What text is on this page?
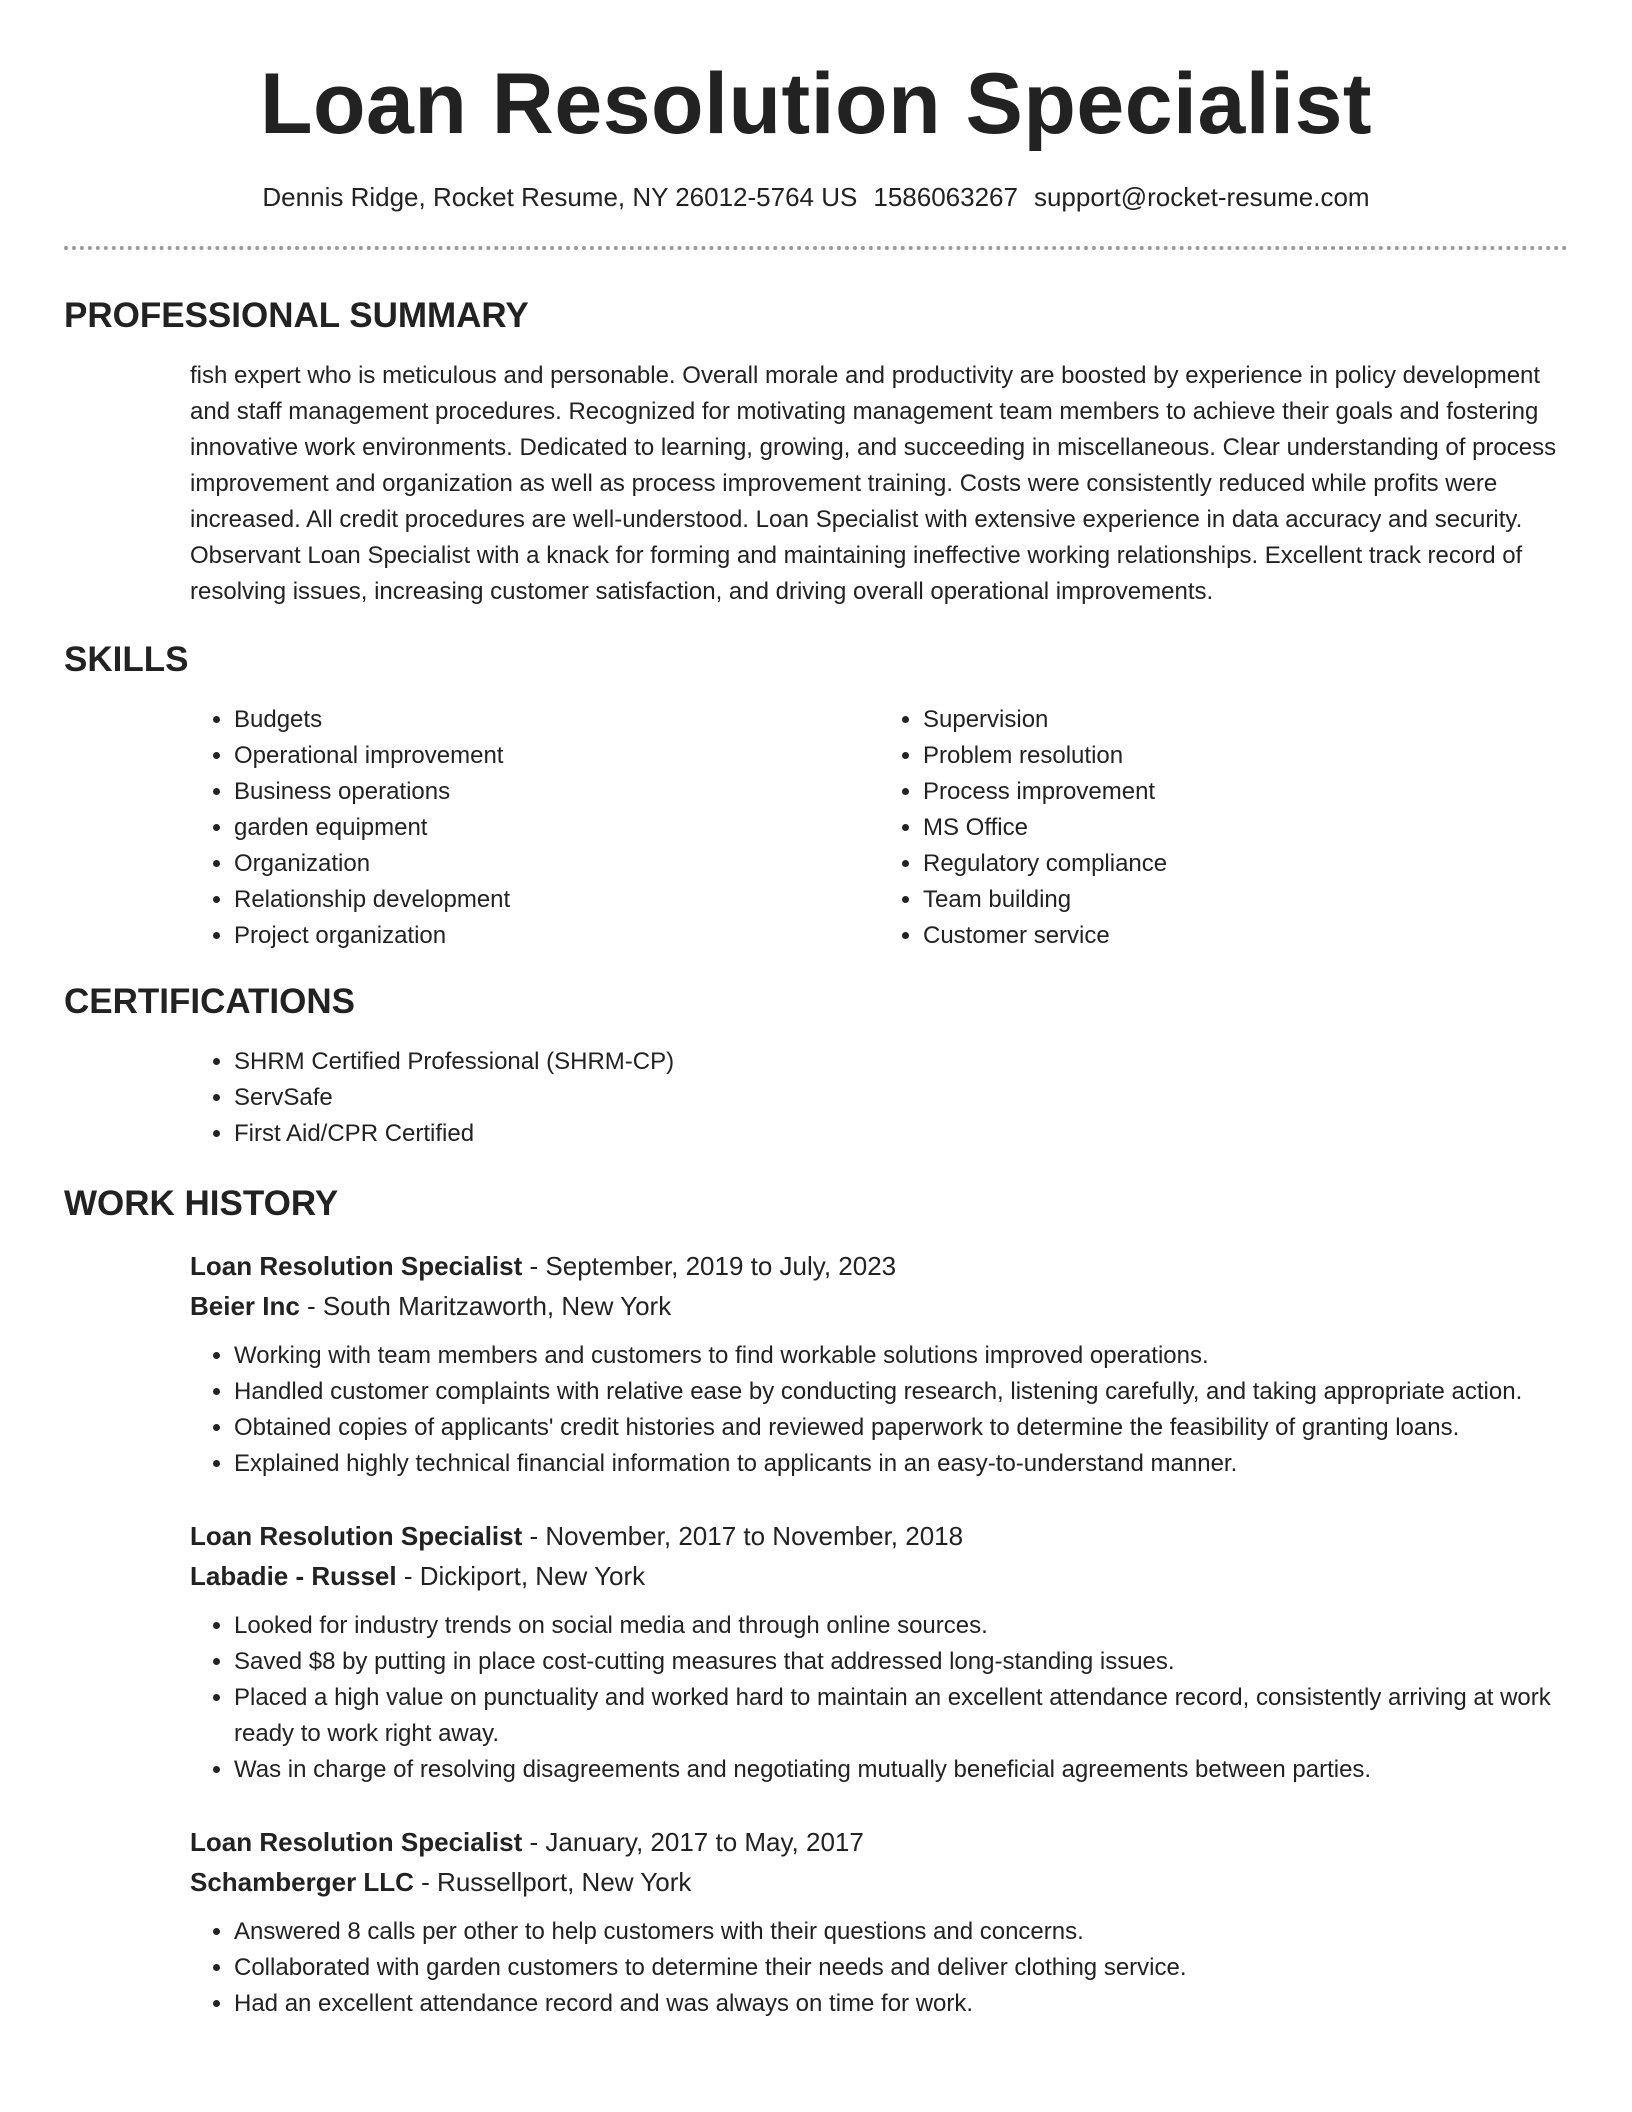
Loan Resolution Specialist
Dennis Ridge, Rocket Resume, NY 26012-5764 US 1586063267 support@rocket-resume.com
PROFESSIONAL SUMMARY
fish expert who is meticulous and personable. Overall morale and productivity are boosted by experience in policy development and staff management procedures. Recognized for motivating management team members to achieve their goals and fostering innovative work environments. Dedicated to learning, growing, and succeeding in miscellaneous. Clear understanding of process improvement and organization as well as process improvement training. Costs were consistently reduced while profits were increased. All credit procedures are well-understood. Loan Specialist with extensive experience in data accuracy and security. Observant Loan Specialist with a knack for forming and maintaining ineffective working relationships. Excellent track record of resolving issues, increasing customer satisfaction, and driving overall operational improvements.
SKILLS
• Budgets
• Operational improvement
• Business operations
• garden equipment
• Organization
• Relationship development
• Project organization
• Supervision
• Problem resolution
• Process improvement
• MS Office
• Regulatory compliance
• Team building
• Customer service
CERTIFICATIONS
• SHRM Certified Professional (SHRM-CP)
• ServSafe
• First Aid/CPR Certified
WORK HISTORY
Loan Resolution Specialist - September, 2019 to July, 2023
Beier Inc - South Maritzaworth, New York
• Working with team members and customers to find workable solutions improved operations.
• Handled customer complaints with relative ease by conducting research, listening carefully, and taking appropriate action.
• Obtained copies of applicants' credit histories and reviewed paperwork to determine the feasibility of granting loans.
• Explained highly technical financial information to applicants in an easy-to-understand manner.
Loan Resolution Specialist - November, 2017 to November, 2018
Labadie - Russel - Dickiport, New York
• Looked for industry trends on social media and through online sources.
• Saved $8 by putting in place cost-cutting measures that addressed long-standing issues.
• Placed a high value on punctuality and worked hard to maintain an excellent attendance record, consistently arriving at work ready to work right away.
• Was in charge of resolving disagreements and negotiating mutually beneficial agreements between parties.
Loan Resolution Specialist - January, 2017 to May, 2017
Schamberger LLC - Russellport, New York
• Answered 8 calls per other to help customers with their questions and concerns.
• Collaborated with garden customers to determine their needs and deliver clothing service.
• Had an excellent attendance record and was always on time for work.
